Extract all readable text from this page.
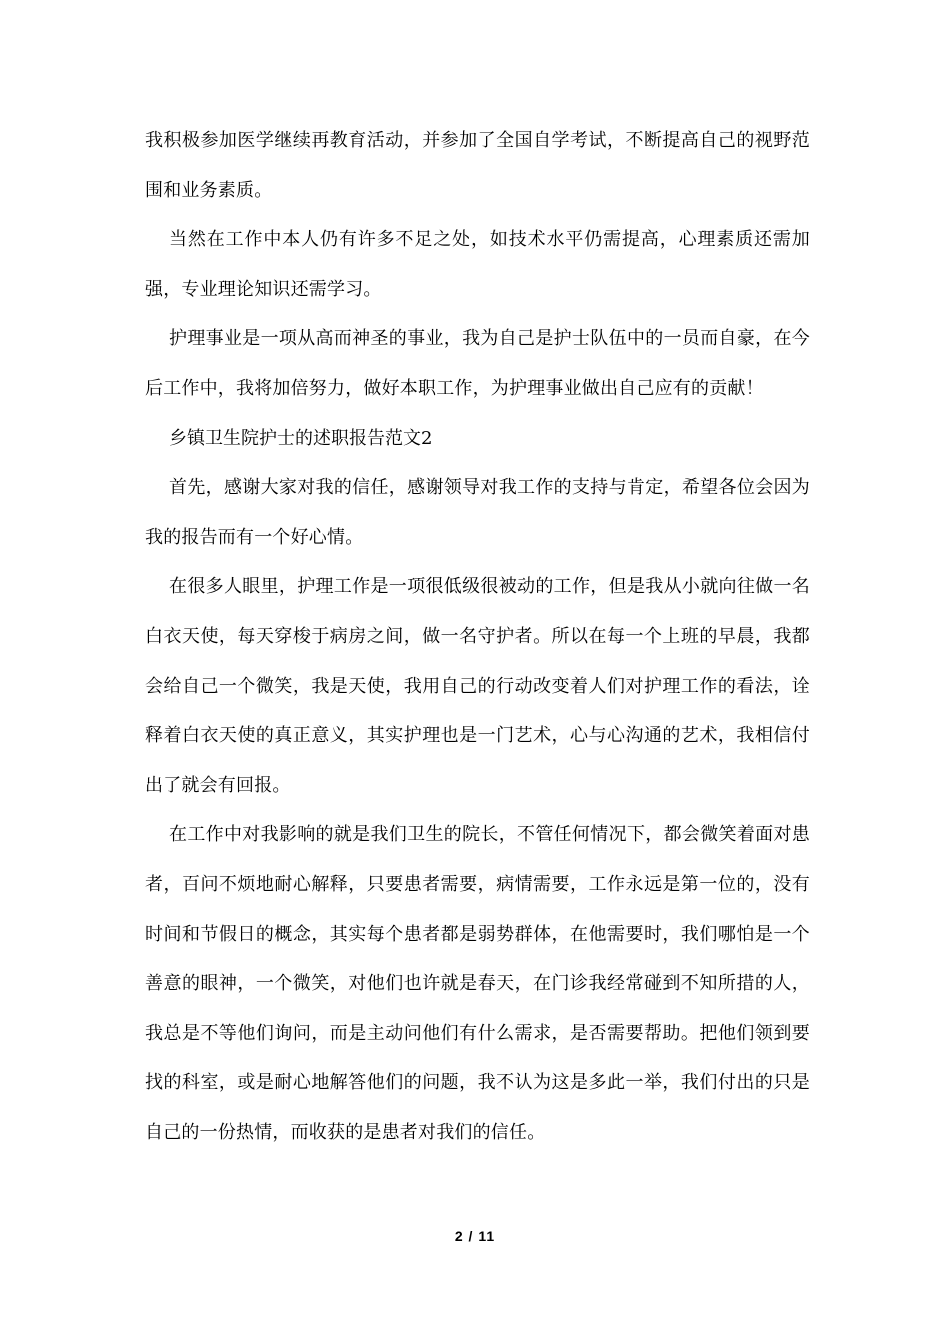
我积极参加医学继续再教育活动，并参加了全国自学考试，不断提高自己的视野范围和业务素质。

当然在工作中本人仍有许多不足之处，如技术水平仍需提高，心理素质还需加强，专业理论知识还需学习。

护理事业是一项从高而神圣的事业，我为自己是护士队伍中的一员而自豪，在今后工作中，我将加倍努力，做好本职工作，为护理事业做出自己应有的贡献！

乡镇卫生院护士的述职报告范文2

首先，感谢大家对我的信任，感谢领导对我工作的支持与肯定，希望各位会因为我的报告而有一个好心情。

在很多人眼里，护理工作是一项很低级很被动的工作，但是我从小就向往做一名白衣天使，每天穿梭于病房之间，做一名守护者。所以在每一个上班的早晨，我都会给自己一个微笑，我是天使，我用自己的行动改变着人们对护理工作的看法，诠释着白衣天使的真正意义，其实护理也是一门艺术，心与心沟通的艺术，我相信付出了就会有回报。

在工作中对我影响的就是我们卫生的院长，不管任何情况下，都会微笑着面对患者，百问不烦地耐心解释，只要患者需要，病情需要，工作永远是第一位的，没有时间和节假日的概念，其实每个患者都是弱势群体，在他需要时，我们哪怕是一个善意的眼神，一个微笑，对他们也许就是春天，在门诊我经常碰到不知所措的人，我总是不等他们询问，而是主动问他们有什么需求，是否需要帮助。把他们领到要找的科室，或是耐心地解答他们的问题，我不认为这是多此一举，我们付出的只是自己的一份热情，而收获的是患者对我们的信任。

2 / 11
